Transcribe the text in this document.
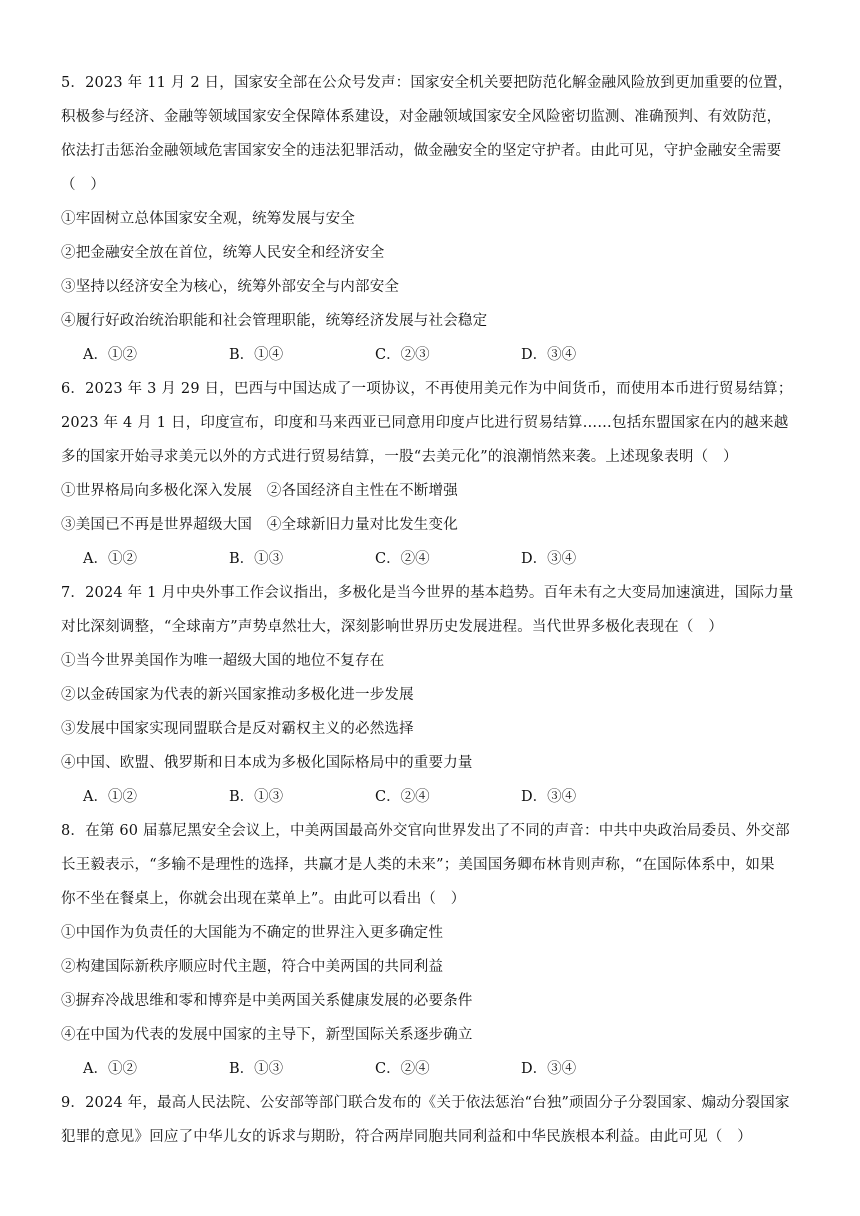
5．2023 年 11 月 2 日，国家安全部在公众号发声：国家安全机关要把防范化解金融风险放到更加重要的位置，
积极参与经济、金融等领域国家安全保障体系建设，对金融领域国家安全风险密切监测、准确预判、有效防范，
依法打击惩治金融领域危害国家安全的违法犯罪活动，做金融安全的坚定守护者。由此可见，守护金融安全需要
（　）
①牢固树立总体国家安全观，统筹发展与安全
②把金融安全放在首位，统筹人民安全和经济安全
③坚持以经济安全为核心，统筹外部安全与内部安全
④履行好政治统治职能和社会管理职能，统筹经济发展与社会稳定
A．①②	B．①④	C．②③	D．③④
6．2023 年 3 月 29 日，巴西与中国达成了一项协议，不再使用美元作为中间货币，而使用本币进行贸易结算；
2023 年 4 月 1 日，印度宣布，印度和马来西亚已同意用印度卢比进行贸易结算……包括东盟国家在内的越来越
多的国家开始寻求美元以外的方式进行贸易结算，一股“去美元化”的浪潮悄然来袭。上述现象表明（　）
①世界格局向多极化深入发展　②各国经济自主性在不断增强
③美国已不再是世界超级大国　④全球新旧力量对比发生变化
A．①②	B．①③	C．②④	D．③④
7．2024 年 1 月中央外事工作会议指出，多极化是当今世界的基本趋势。百年未有之大变局加速演进，国际力量
对比深刻调整，“全球南方”声势卓然壮大，深刻影响世界历史发展进程。当代世界多极化表现在（　）
①当今世界美国作为唯一超级大国的地位不复存在
②以金砖国家为代表的新兴国家推动多极化进一步发展
③发展中国家实现同盟联合是反对霸权主义的必然选择
④中国、欧盟、俄罗斯和日本成为多极化国际格局中的重要力量
A．①②	B．①③	C．②④	D．③④
8．在第 60 届慕尼黑安全会议上，中美两国最高外交官向世界发出了不同的声音：中共中央政治局委员、外交部
长王毅表示，“多输不是理性的选择，共赢才是人类的未来”；美国国务卿布林肯则声称，“在国际体系中，如果
你不坐在餐桌上，你就会出现在菜单上”。由此可以看出（　）
①中国作为负责任的大国能为不确定的世界注入更多确定性
②构建国际新秩序顺应时代主题，符合中美两国的共同利益
③摒弃冷战思维和零和博弈是中美两国关系健康发展的必要条件
④在中国为代表的发展中国家的主导下，新型国际关系逐步确立
A．①②	B．①③	C．②④	D．③④
9．2024 年，最高人民法院、公安部等部门联合发布的《关于依法惩治“台独”顽固分子分裂国家、煽动分裂国家
犯罪的意见》回应了中华儿女的诉求与期盼，符合两岸同胞共同利益和中华民族根本利益。由此可见（　）
